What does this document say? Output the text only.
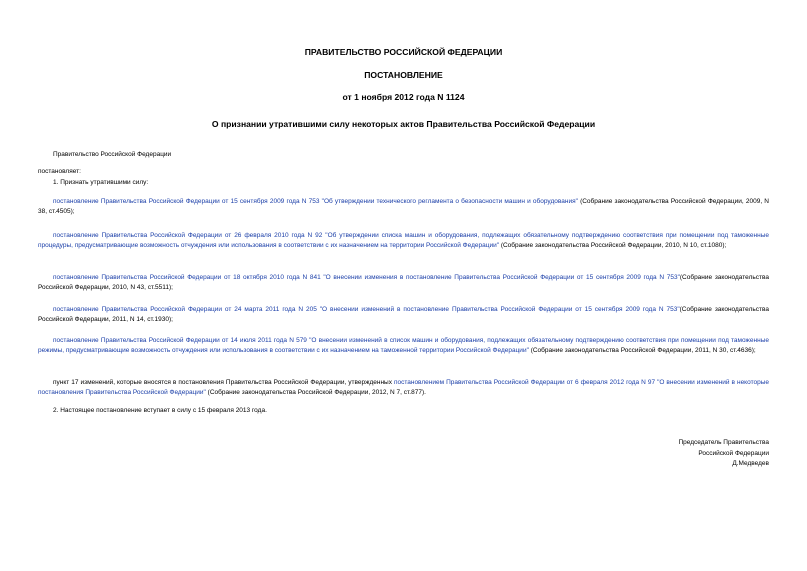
ПРАВИТЕЛЬСТВО РОССИЙСКОЙ ФЕДЕРАЦИИ
ПОСТАНОВЛЕНИЕ
от 1 ноября 2012 года N 1124
О признании утратившими силу некоторых актов Правительства Российской Федерации
Правительство Российской Федерации
постановляет:
1. Признать утратившими силу:
постановление Правительства Российской Федерации от 15 сентября 2009 года N 753 "Об утверждении технического регламента о безопасности машин и оборудования" (Собрание законодательства Российской Федерации, 2009, N 38, ст.4505);
постановление Правительства Российской Федерации от 26 февраля 2010 года N 92 "Об утверждении списка машин и оборудования, подлежащих обязательному подтверждению соответствия при помещении под таможенные процедуры, предусматривающие возможность отчуждения или использования в соответствии с их назначением на территории Российской Федерации" (Собрание законодательства Российской Федерации, 2010, N 10, ст.1080);
постановление Правительства Российской Федерации от 18 октября 2010 года N 841 "О внесении изменения в постановление Правительства Российской Федерации от 15 сентября 2009 года N 753"(Собрание законодательства Российской Федерации, 2010, N 43, ст.5511);
постановление Правительства Российской Федерации от 24 марта 2011 года N 205 "О внесении изменений в постановление Правительства Российской Федерации от 15 сентября 2009 года N 753"(Собрание законодательства Российской Федерации, 2011, N 14, ст.1930);
постановление Правительства Российской Федерации от 14 июля 2011 года N 579 "О внесении изменений в список машин и оборудования, подлежащих обязательному подтверждению соответствия при помещении под таможенные режимы, предусматривающие возможность отчуждения или использования в соответствии с их назначением на таможенной территории Российской Федерации" (Собрание законодательства Российской Федерации, 2011, N 30, ст.4636);
пункт 17 изменений, которые вносятся в постановления Правительства Российской Федерации, утвержденных постановлением Правительства Российской Федерации от 6 февраля 2012 года N 97 "О внесении изменений в некоторые постановления Правительства Российской Федерации" (Собрание законодательства Российской Федерации, 2012, N 7, ст.877).
2. Настоящее постановление вступает в силу с 15 февраля 2013 года.
Председатель Правительства
Российской Федерации
Д.Медведев
